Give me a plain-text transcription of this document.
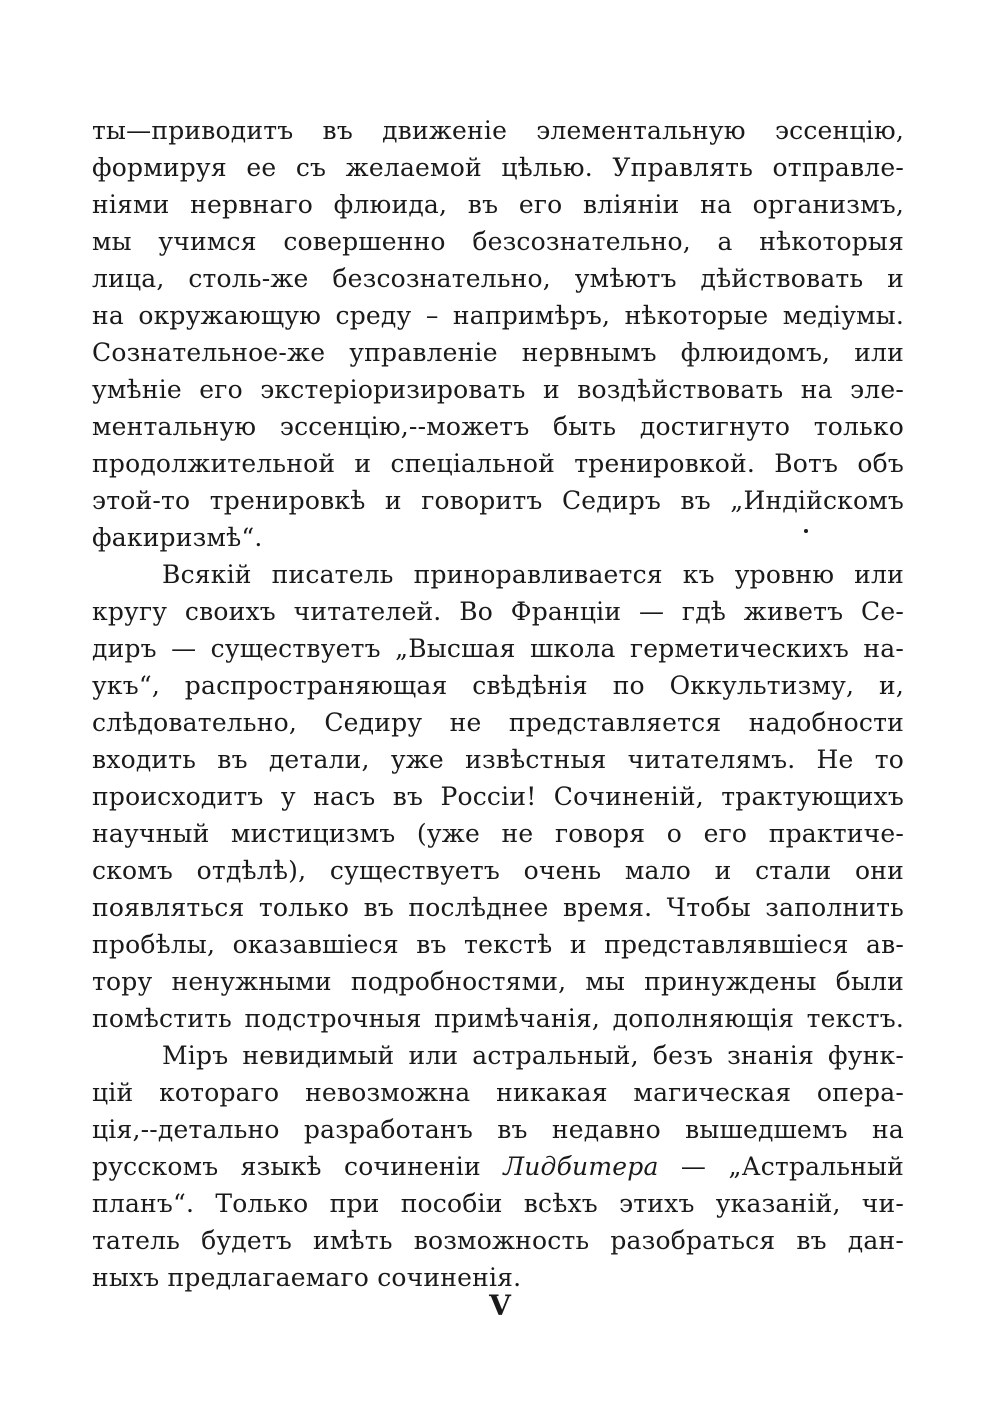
ты—приводитъ въ движенie элементальную эссенцiю,
формируя ее съ желаемой цѣлью. Управлять отправле-
нiями нервнаго флюида, въ его влiянiи на организмъ,
мы учимся совершенно безсознательно, а нѣкоторыя
лица, столь-же безсознательно, умѣютъ дѣйствовать и
на окружающую среду – напримѣръ, нѣкоторые медiумы.
Сознательное-же управленie нервнымъ флюидомъ, или
умѣнie его экстерiоризировать и воздѣйствовать на эле-
ментальную эссенцiю,--можетъ быть достигнуто только
продолжительной и спецiальной тренировкой. Вотъ объ
этой-то тренировкѣ и говоритъ Седиръ въ „Индiйскомъ
факиризмѣ“.
Всякiй писатель приноравливается къ уровню или
кругу своихъ читателей. Во Францiи — гдѣ живетъ Се-
диръ — существуетъ „Высшая школа герметическихъ на-
укъ“, распространяющая свѣдѣнiя по Оккультизму, и,
слѣдовательно, Седиру не представляется надобности
входить въ детали, уже извѣстныя читателямъ. Не то
происходитъ у насъ въ Россiи! Сочиненiй, трактующихъ
научный мистицизмъ (уже не говоря о его практиче-
скомъ отдѣлѣ), существуетъ очень мало и стали они
появляться только въ послѣднее время. Чтобы заполнить
пробѣлы, оказавшiеся въ текстѣ и представлявшiеся ав-
тору ненужными подробностями, мы принуждены были
помѣстить подстрочныя примѣчанiя, дополняющiя текстъ.
Мiръ невидимый или астральный, безъ знанiя функ-
цiй котораго невозможна никакая магическая опера-
цiя,--детально разработанъ въ недавно вышедшемъ на
русскомъ языкѣ сочиненiи Лидбитера — „Астральный
планъ“. Только при пособiи всѣхъ этихъ указанiй, чи-
татель будетъ имѣть возможность разобраться въ дан-
ныхъ предлагаемаго сочиненiя.
V
